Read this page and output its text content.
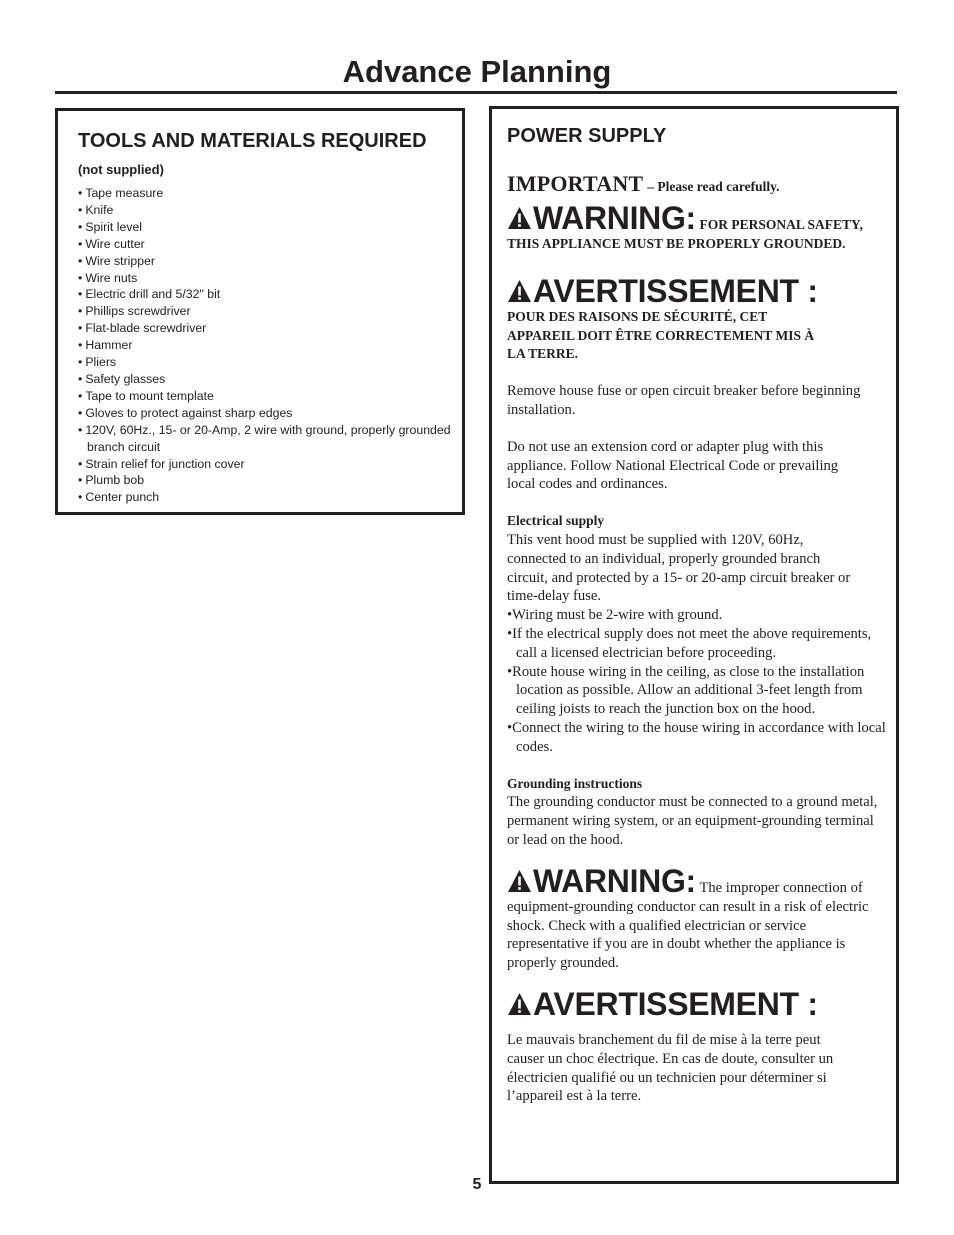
Advance Planning
TOOLS AND MATERIALS REQUIRED
(not supplied)
• Tape measure
• Knife
• Spirit level
• Wire cutter
• Wire stripper
• Wire nuts
• Electric drill and 5/32" bit
• Phillips screwdriver
• Flat-blade screwdriver
• Hammer
• Pliers
• Safety glasses
• Tape to mount template
• Gloves to protect against sharp edges
• 120V, 60Hz., 15- or 20-Amp, 2 wire with ground, properly grounded branch circuit
• Strain relief for junction cover
• Plumb bob
• Center punch
POWER SUPPLY
IMPORTANT – Please read carefully.
WARNING: FOR PERSONAL SAFETY, THIS APPLIANCE MUST BE PROPERLY GROUNDED.
AVERTISSEMENT :
POUR DES RAISONS DE SÉCURITÉ, CET APPAREIL DOIT ÊTRE CORRECTEMENT MIS À LA TERRE.

Remove house fuse or open circuit breaker before beginning installation.

Do not use an extension cord or adapter plug with this appliance. Follow National Electrical Code or prevailing local codes and ordinances.

Electrical supply

This vent hood must be supplied with 120V, 60Hz, connected to an individual, properly grounded branch circuit, and protected by a 15- or 20-amp circuit breaker or time-delay fuse.

•Wiring must be 2-wire with ground.
•If the electrical supply does not meet the above requirements, call a licensed electrician before proceeding.
•Route house wiring in the ceiling, as close to the installation location as possible. Allow an additional 3-feet length from ceiling joists to reach the junction box on the hood.
•Connect the wiring to the house wiring in accordance with local codes.
Grounding instructions

The grounding conductor must be connected to a ground metal, permanent wiring system, or an equipment-grounding terminal or lead on the hood.

WARNING: The improper connection of equipment-grounding conductor can result in a risk of electric shock. Check with a qualified electrician or service representative if you are in doubt whether the appliance is properly grounded.
AVERTISSEMENT :

Le mauvais branchement du fil de mise à la terre peut causer un choc électrique. En cas de doute, consulter un électricien qualifié ou un technicien pour déterminer si l’appareil est à la terre.

5
